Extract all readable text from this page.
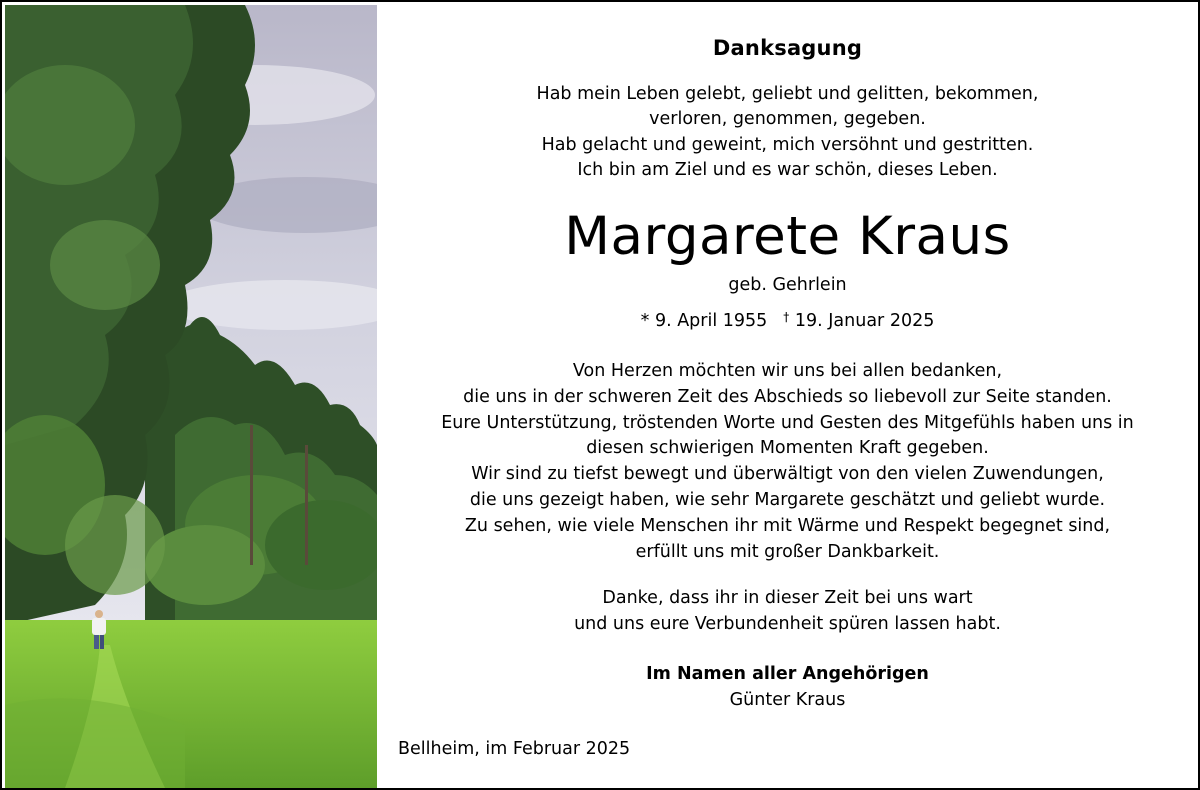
Danksagung
Hab mein Leben gelebt, geliebt und gelitten, bekommen,
verloren, genommen, gegeben.
Hab gelacht und geweint, mich versöhnt und gestritten.
Ich bin am Ziel und es war schön, dieses Leben.
Margarete Kraus
geb. Gehrlein
* 9. April 1955 † 19. Januar 2025
Von Herzen möchten wir uns bei allen bedanken,
die uns in der schweren Zeit des Abschieds so liebevoll zur Seite standen.
Eure Unterstützung, tröstenden Worte und Gesten des Mitgefühls haben uns in
diesen schwierigen Momenten Kraft gegeben.
Wir sind zu tiefst bewegt und überwältigt von den vielen Zuwendungen,
die uns gezeigt haben, wie sehr Margarete geschätzt und geliebt wurde.
Zu sehen, wie viele Menschen ihr mit Wärme und Respekt begegnet sind,
erfüllt uns mit großer Dankbarkeit.
Danke, dass ihr in dieser Zeit bei uns wart
und uns eure Verbundenheit spüren lassen habt.
Im Namen aller Angehörigen
Günter Kraus
Bellheim, im Februar 2025
